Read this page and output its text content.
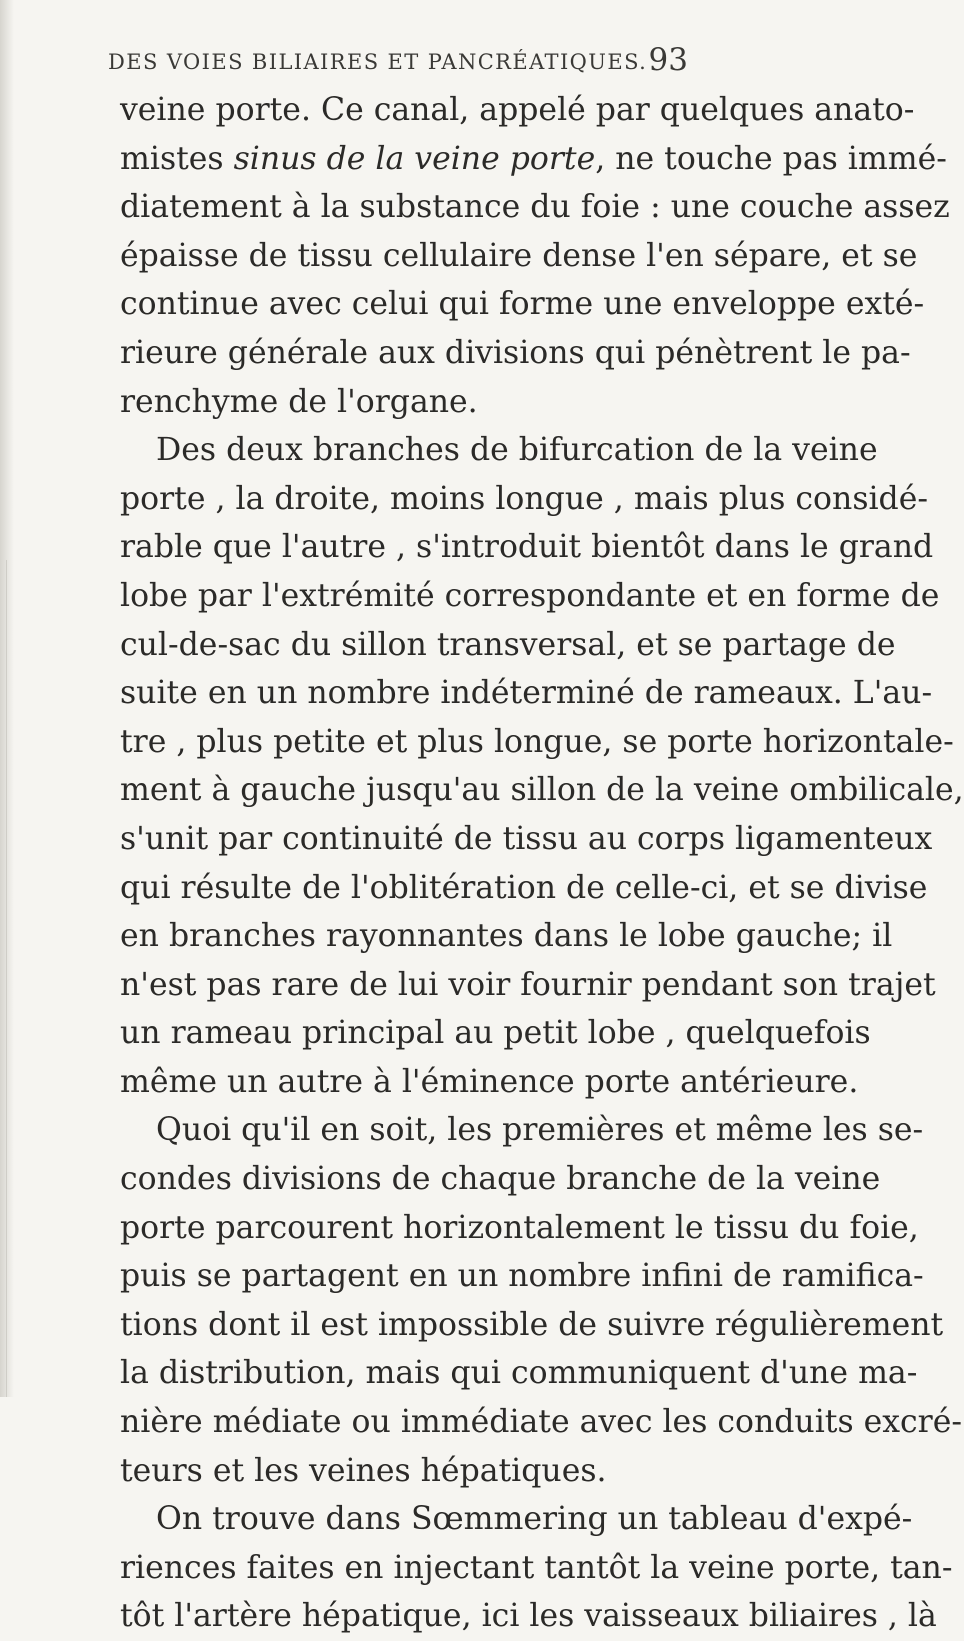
DES VOIES BILIAIRES ET PANCRÉATIQUES. 93
veine porte. Ce canal, appelé par quelques anato-
mistes sinus de la veine porte, ne touche pas immé-
diatement à la substance du foie : une couche assez
épaisse de tissu cellulaire dense l'en sépare, et se
continue avec celui qui forme une enveloppe exté-
rieure générale aux divisions qui pénètrent le pa-
renchyme de l'organe.
Des deux branches de bifurcation de la veine
porte , la droite, moins longue , mais plus considé-
rable que l'autre , s'introduit bientôt dans le grand
lobe par l'extrémité correspondante et en forme de
cul-de-sac du sillon transversal, et se partage de
suite en un nombre indéterminé de rameaux. L'au-
tre , plus petite et plus longue, se porte horizontale-
ment à gauche jusqu'au sillon de la veine ombilicale,
s'unit par continuité de tissu au corps ligamenteux
qui résulte de l'oblitération de celle-ci, et se divise
en branches rayonnantes dans le lobe gauche; il
n'est pas rare de lui voir fournir pendant son trajet
un rameau principal au petit lobe , quelquefois
même un autre à l'éminence porte antérieure.
Quoi qu'il en soit, les premières et même les se-
condes divisions de chaque branche de la veine
porte parcourent horizontalement le tissu du foie,
puis se partagent en un nombre infini de ramifica-
tions dont il est impossible de suivre régulièrement
la distribution, mais qui communiquent d'une ma-
nière médiate ou immédiate avec les conduits excré-
teurs et les veines hépatiques.
On trouve dans Sœmmering un tableau d'expé-
riences faites en injectant tantôt la veine porte, tan-
tôt l'artère hépatique, ici les vaisseaux biliaires , là
